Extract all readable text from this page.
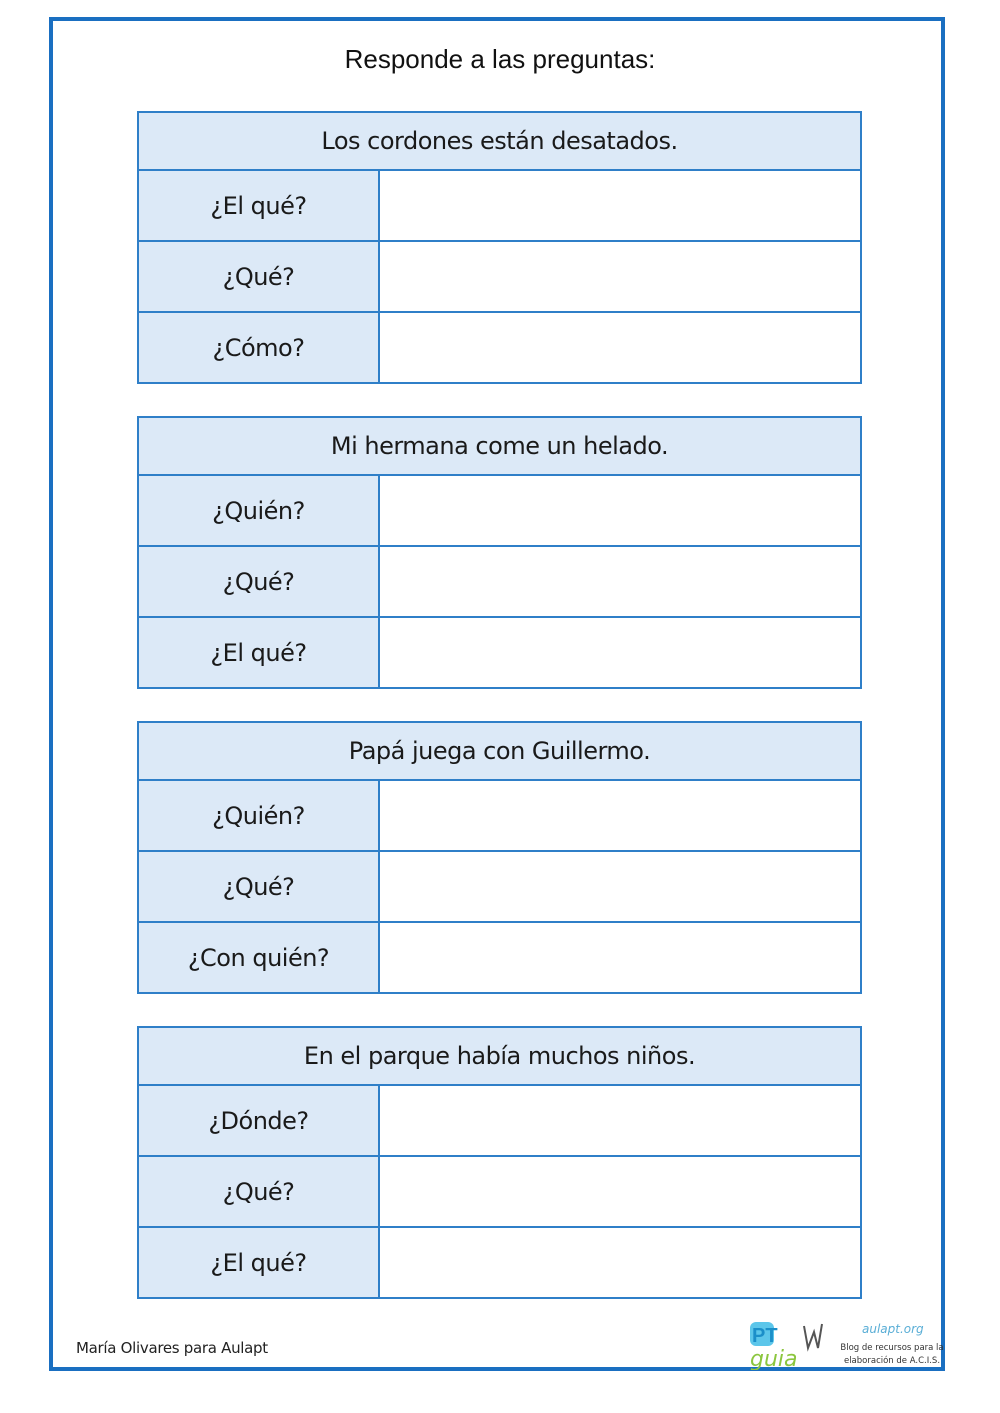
Responde a las preguntas:
Los cordones están desatados.	
¿El qué?	
¿Qué?	
¿Cómo?	
Mi hermana come un helado.	
¿Quién?	
¿Qué?	
¿El qué?	
Papá juega con Guillermo.	
¿Quién?	
¿Qué?	
¿Con quién?	
En el parque había muchos niños.	
¿Dónde?	
¿Qué?	
¿El qué?	
María Olivares para Aulapt
PT
guia
aulapt.org
Blog de recursos para la
elaboración de A.C.I.S.
